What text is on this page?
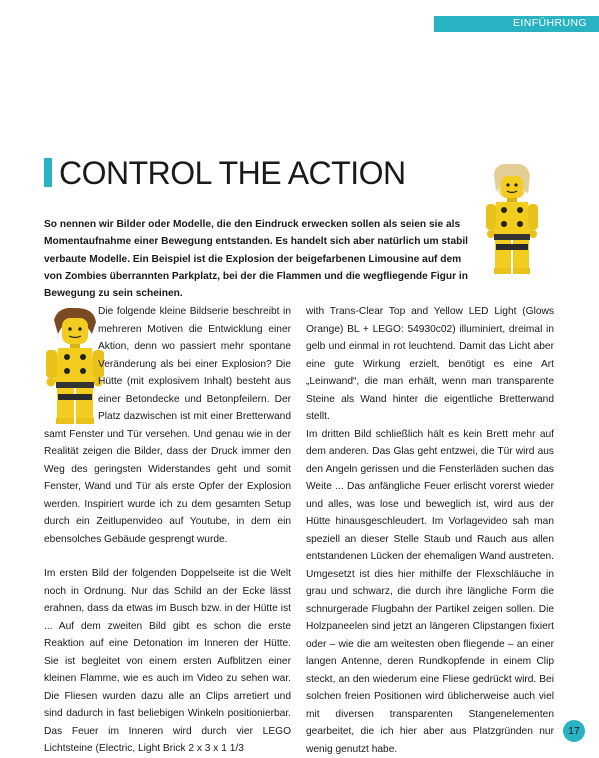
EINFÜHRUNG
CONTROL THE ACTION

So nennen wir Bilder oder Modelle, die den Eindruck erwecken sollen als seien sie als Momentaufnahme einer Bewegung entstanden. Es handelt sich aber natürlich um stabil verbaute Modelle. Ein Beispiel ist die Explosion der beigefarbenen Limousine auf dem von Zombies überrannten Parkplatz, bei der die Flammen und die wegfliegende Figur in Bewegung zu sein scheinen.

Die folgende kleine Bildserie beschreibt in mehreren Motiven die Entwicklung einer Aktion, denn wo passiert mehr spontane Veränderung als bei einer Explosion? Die Hütte (mit explosivem Inhalt) besteht aus einer Betondecke und Betonpfeilern. Der Platz dazwischen ist mit einer Bretterwand samt Fenster und Tür versehen. Und genau wie in der Realität zeigen die Bilder, dass der Druck immer den Weg des geringsten Widerstandes geht und somit Fenster, Wand und Tür als erste Opfer der Explosion werden. Inspiriert wurde ich zu dem gesamten Setup durch ein Zeitlupenvideo auf Youtube, in dem ein ebensolches Gebäude gesprengt wurde.

Im ersten Bild der folgenden Doppelseite ist die Welt noch in Ordnung. Nur das Schild an der Ecke lässt erahnen, dass da etwas im Busch bzw. in der Hütte ist ... Auf dem zweiten Bild gibt es schon die erste Reaktion auf eine Detonation im Inneren der Hütte. Sie ist begleitet von einem ersten Aufblitzen einer kleinen Flamme, wie es auch im Video zu sehen war. Die Fliesen wurden dazu alle an Clips arretiert und sind dadurch in fast beliebigen Winkeln positionierbar. Das Feuer im Inneren wird durch vier LEGO Lichtsteine (Electric, Light Brick 2 x 3 x 1 1/3

with Trans-Clear Top and Yellow LED Light (Glows Orange) BL + LEGO: 54930c02) illuminiert, dreimal in gelb und einmal in rot leuchtend. Damit das Licht aber eine gute Wirkung erzielt, benötigt es eine Art „Leinwand“, die man erhält, wenn man transparente Steine als Wand hinter die eigentliche Bretterwand stellt.

Im dritten Bild schließlich hält es kein Brett mehr auf dem anderen. Das Glas geht entzwei, die Tür wird aus den Angeln gerissen und die Fensterläden suchen das Weite ... Das anfängliche Feuer erlischt vorerst wieder und alles, was lose und beweglich ist, wird aus der Hütte hinausgeschleudert. Im Vorlagevideo sah man speziell an dieser Stelle Staub und Rauch aus allen entstandenen Lücken der ehemaligen Wand austreten. Umgesetzt ist dies hier mithilfe der Flexschläuche in grau und schwarz, die durch ihre längliche Form die schnurgerade Flugbahn der Partikel zeigen sollen. Die Holzpaneelen sind jetzt an längeren Clipstangen fixiert oder – wie die am weitesten oben fliegende – an einer langen Antenne, deren Rundkopfende in einem Clip steckt, an den wiederum eine Fliese gedrückt wird. Bei solchen freien Positionen wird üblicherweise auch viel mit diversen transparenten Stangenelementen gearbeitet, die ich hier aber aus Platzgründen nur wenig genutzt habe.

17
